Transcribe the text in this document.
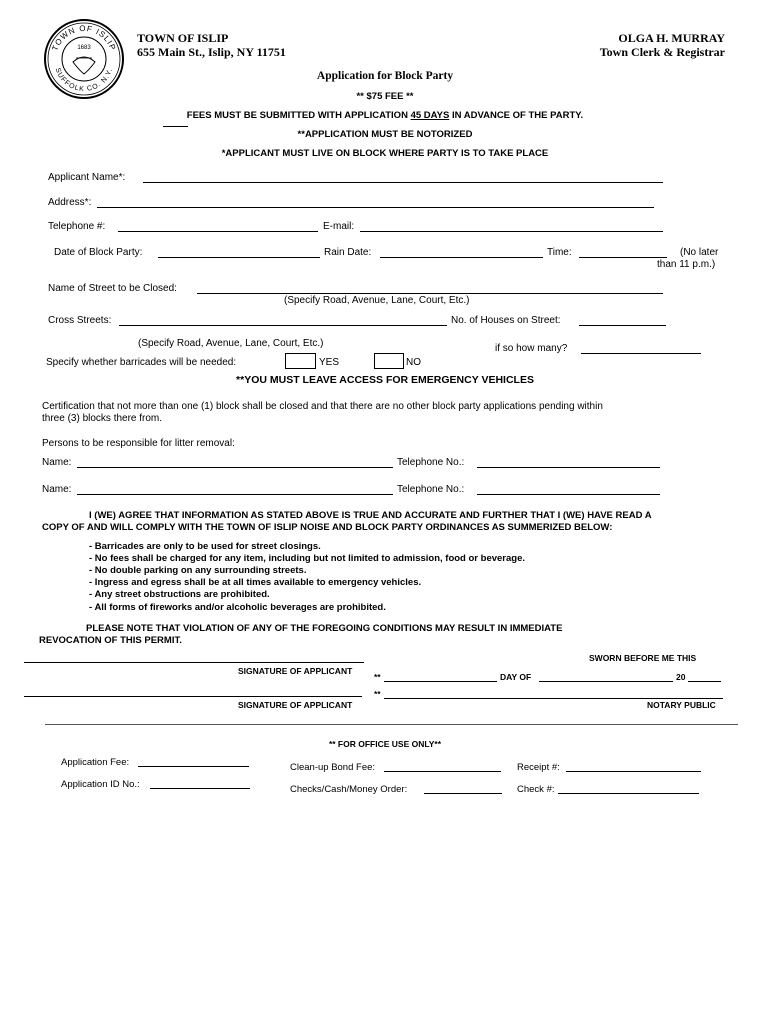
TOWN OF ISLIP
SUFFOLK CO. N.Y.
1683
TOWN OF ISLIP
655 Main St., Islip, NY 11751
OLGA H. MURRAY
Town Clerk & Registrar
Application for Block Party
** $75 FEE **
FEES MUST BE SUBMITTED WITH APPLICATION 45 DAYS IN ADVANCE OF THE PARTY.
**APPLICATION MUST BE NOTORIZED
*APPLICANT MUST LIVE ON BLOCK WHERE PARTY IS TO TAKE PLACE
Applicant Name*:
Address*:
Telephone #:	E-mail:
Date of Block Party:	Rain Date:	Time:	(No later
than 11 p.m.)
Name of Street to be Closed:
(Specify Road, Avenue, Lane, Court, Etc.)
Cross Streets:	No. of Houses on Street:
(Specify Road, Avenue, Lane, Court, Etc.)	if so how many?
Specify whether barricades will be needed:	YES	NO
**YOU MUST LEAVE ACCESS FOR EMERGENCY VEHICLES
Certification that not more than one (1) block shall be closed and that there are no other block party applications pending within
three (3) blocks there from.
Persons to be responsible for litter removal:
Name:	Telephone No.:
Name:	Telephone No.:
I (WE) AGREE THAT INFORMATION AS STATED ABOVE IS TRUE AND ACCURATE AND FURTHER THAT I (WE) HAVE READ A
COPY OF AND WILL COMPLY WITH THE TOWN OF ISLIP NOISE AND BLOCK PARTY ORDINANCES AS SUMMERIZED BELOW:
- Barricades are only to be used for street closings.
- No fees shall be charged for any item, including but not limited to admission, food or beverage.
- No double parking on any surrounding streets.
- Ingress and egress shall be at all times available to emergency vehicles.
- Any street obstructions are prohibited.
- All forms of fireworks and/or alcoholic beverages are prohibited.
PLEASE NOTE THAT VIOLATION OF ANY OF THE FOREGOING CONDITIONS MAY RESULT IN IMMEDIATE
REVOCATION OF THIS PERMIT.
SWORN BEFORE ME THIS
SIGNATURE OF APPLICANT
**	DAY OF	20
**
SIGNATURE OF APPLICANT	NOTARY PUBLIC
** FOR OFFICE USE ONLY**
Application Fee:	Clean-up Bond Fee:	Receipt #:
Application ID No.:	Checks/Cash/Money Order:	Check #:
